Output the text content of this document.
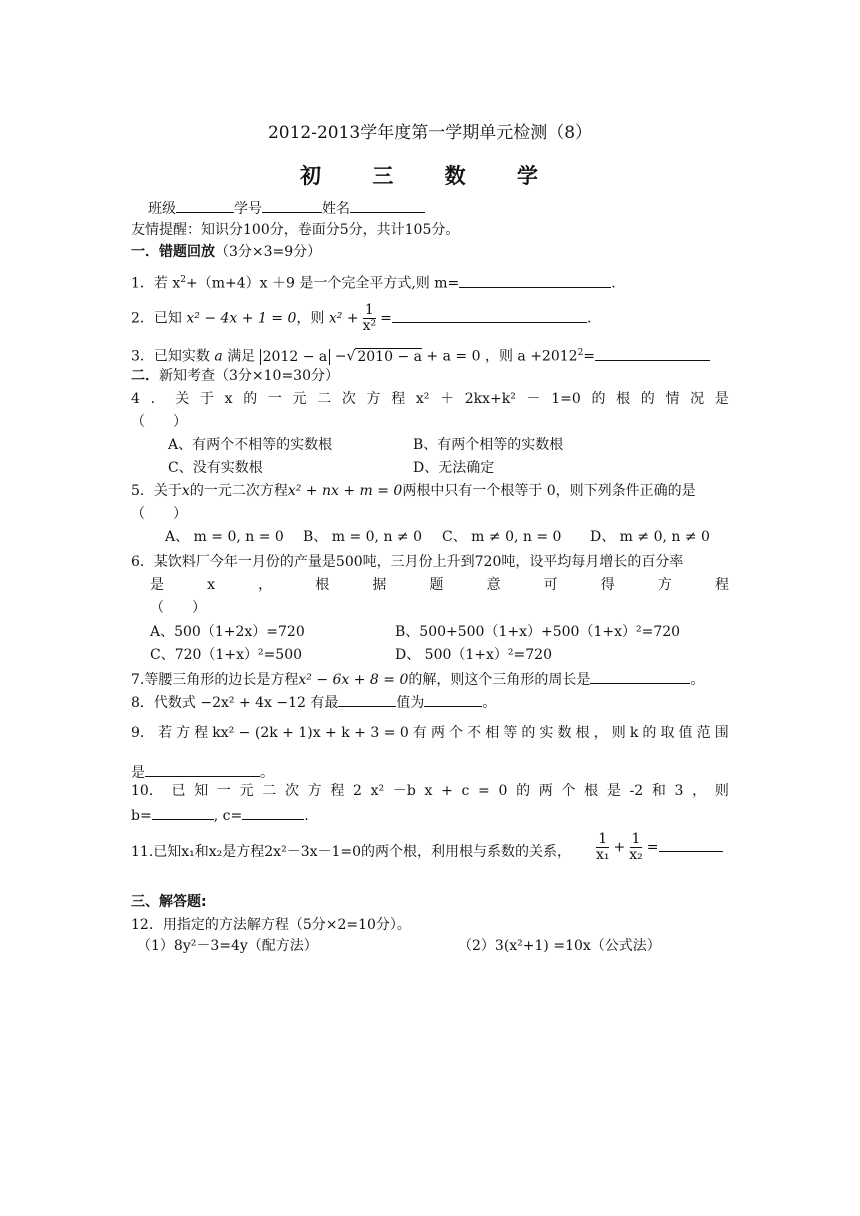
2012-2013学年度第一学期单元检测（8）
初 三 数 学
班级	学号	姓名
友情提醒：知识分100分，卷面分5分，共计105分。
一．错题回放（3分×3=9分）
1．若 $x^2+(m+4)x +9$ 是一个完全平方式,则 m=	.
2．已知 x² − 4x + 1 = 0，则 $x^2 + \frac{1}{\text{x²}}$ =	.
3．已知实数 a 满足 2012 − a −√ 2010 − a + a = 0 ，则 $a +2012^2=$
二．新知考查（3分×10=30分）
4 ． 关 于 x 的 一 元 二 次 方 程 x² ＋ 2kx+k² － 1=0 的 根 的 情 况 是
（　　）
A、有两个不相等的实数根	B、有两个相等的实数根
C、没有实数根	D、无法确定
5．关于x的一元二次方程x² + nx + m = 0两根中只有一个根等于 0，则下列条件正确的是
（　　）
A、 m = 0, n = 0 B、 m = 0, n ≠ 0 C、 m ≠ 0, n = 0 D、 m ≠ 0, n ≠ 0
6．某饮料厂今年一月份的产量是500吨，三月份上升到720吨，设平均每月增长的百分率
是	x	，	根	据	题	意	可	得	方	程
（　　）
A、500（1+2x）=720	B、500+500（1+x）+500（1+x）²=720
C、720（1+x）²=500	D、 500（1+x）²=720
7.等腰三角形的边长是方程x² − 6x + 8 = 0的解，则这个三角形的周长是	。
8．代数式 −2x² + 4x −12 有最	值为	。
9． 若 方 程 kx² − (2k + 1)x + k + 3 = 0 有 两 个 不 相 等 的 实 数 根 ， 则 k 的 取 值 范 围
是	。
10． 已 知 一 元 二 次 方 程 2 x² －b x + c = 0 的 两 个 根 是 -2 和 3 ， 则
b=	, c=	.
11.已知x₁和x₂是方程2x²－3x－1=0的两个根，利用根与系数的关系， $\frac{1}{\text{x₁}} + \frac{1}{\text{x₂}}$ =
三、解答题:
12．用指定的方法解方程（5分×2=10分）。
（1）8y²－3=4y（配方法）	（2）3(x²+1) =10x（公式法）
